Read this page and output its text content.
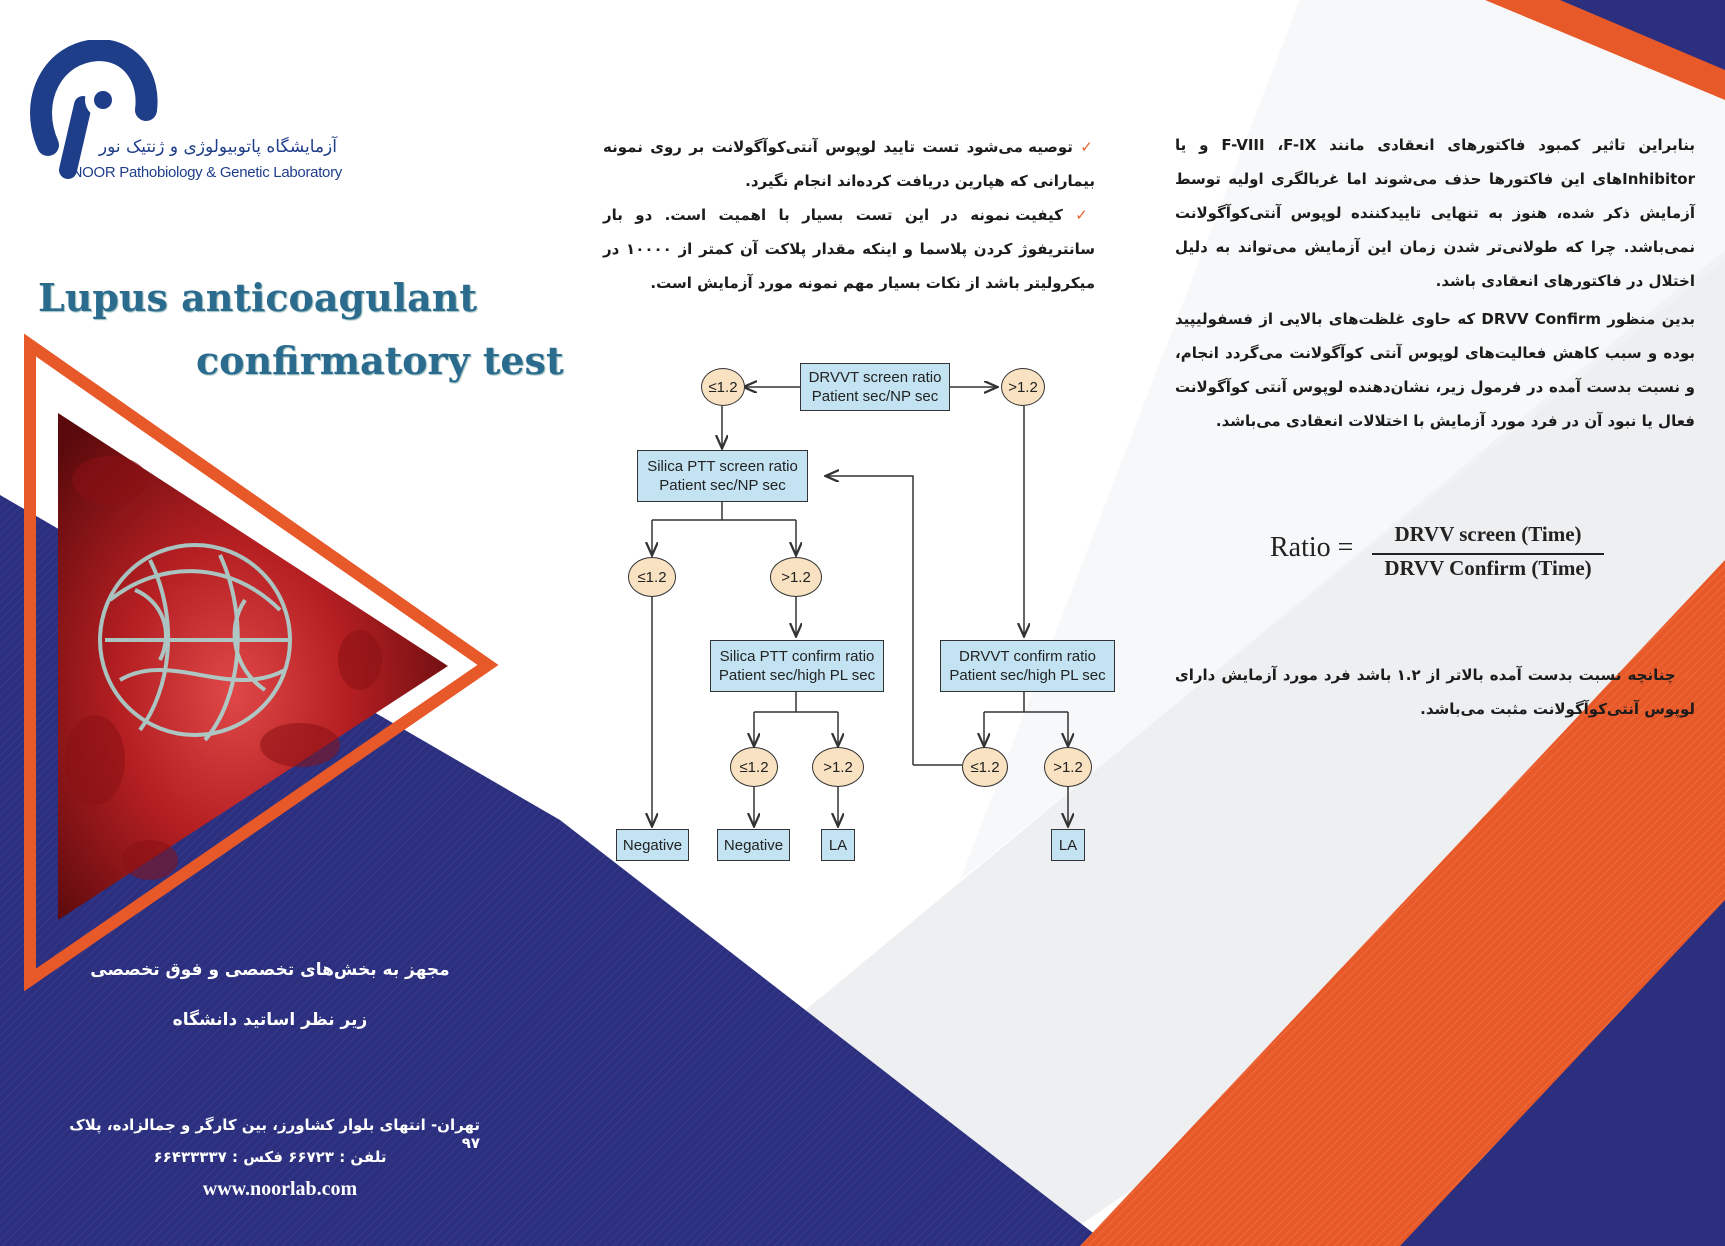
آزمایشگاه پاتوبیولوژی و ژنتیک نور
NOOR Pathobiology & Genetic Laboratory
Lupus anticoagulant
confirmatory test
مجهز به بخش‌های تخصصی و فوق تخصصی
زیر نظر اساتید دانشگاه
تهران- انتهای بلوار کشاورز، بین کارگر و جمالزاده، پلاک ۹۷
تلفن : ۶۶۷۲۳ فکس : ۶۶۴۳۳۳۳۷
www.noorlab.com
✓ توصیه می‌شود تست تایید لوپوس آنتی‌کوآگولانت بر روی نمونه بیمارانی که هپارین دریافت کرده‌اند انجام نگیرد.
✓ کیفیت نمونه در این تست بسیار با اهمیت است. دو بار سانتریفوژ کردن پلاسما و اینکه مقدار پلاکت آن کمتر از ۱۰۰۰۰ در میکرولیتر باشد از نکات بسیار مهم نمونه مورد آزمایش است.
بنابراین تاثیر کمبود فاکتورهای انعقادی مانند F-VIII ،F-IX و یا Inhibitorهای این فاکتورها حذف می‌شوند اما غربالگری اولیه توسط آزمایش ذکر شده، هنوز به تنهایی تاییدکننده لوپوس آنتی‌کوآگولانت نمی‌باشد. چرا که طولانی‌تر شدن زمان این آزمایش می‌تواند به دلیل اختلال در فاکتورهای انعقادی باشد.
بدین منظور DRVV Confirm که حاوی غلظت‌های بالایی از فسفولیپید بوده و سبب کاهش فعالیت‌های لوپوس آنتی کوآگولانت می‌گردد انجام، و نسبت بدست آمده در فرمول زیر، نشان‌دهنده لوپوس آنتی کوآگولانت فعال یا نبود آن در فرد مورد آزمایش با اختلالات انعقادی می‌باشد.
Ratio =	DRVV screen (Time)
DRVV Confirm (Time)
✓ چنانچه نسبت بدست آمده بالاتر از ۱.۲ باشد فرد مورد آزمایش دارای لوپوس آنتی‌کوآگولانت مثبت می‌باشد.
DRVVT screen ratio
Patient sec/NP sec
Silica PTT screen ratio
Patient sec/NP sec
Silica PTT confirm ratio
Patient sec/high PL sec
DRVVT confirm ratio
Patient sec/high PL sec
Negative	Negative	LA	LA
≤1.2	>1.2
≤1.2	>1.2
≤1.2	>1.2	≤1.2	>1.2
